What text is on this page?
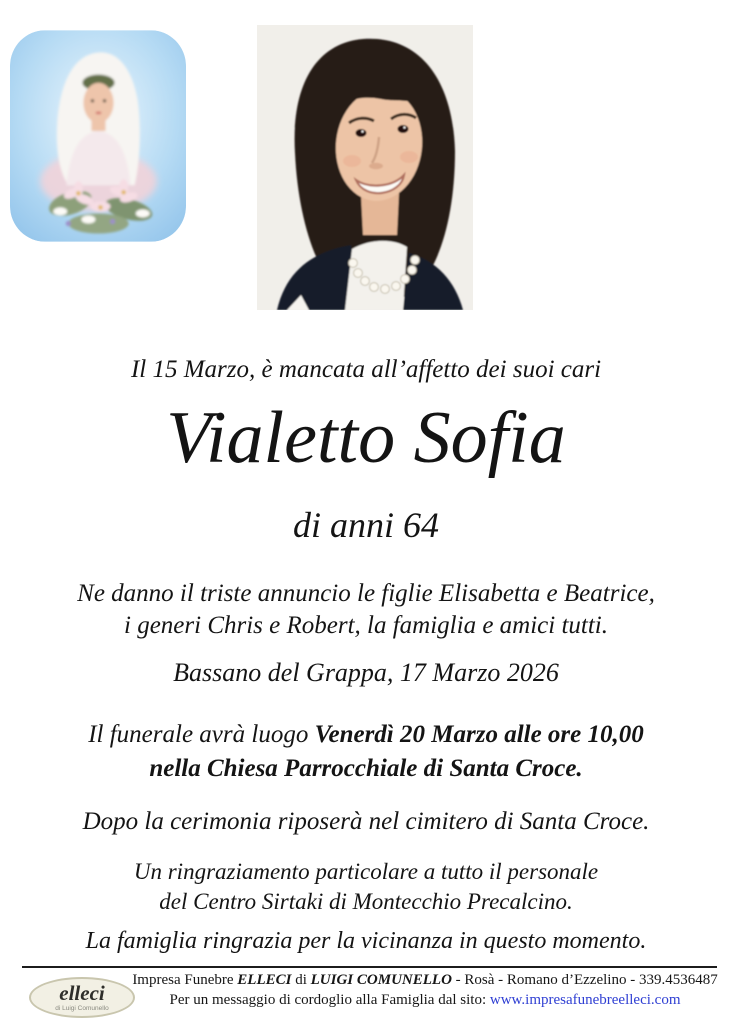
Il 15 Marzo, è mancata all’affetto dei suoi cari
Vialetto Sofia
di anni 64
Ne danno il triste annuncio le figlie Elisabetta e Beatrice,
i generi Chris e Robert, la famiglia e amici tutti.
Bassano del Grappa, 17 Marzo 2026
Il funerale avrà luogo Venerdì 20 Marzo alle ore 10,00
nella Chiesa Parrocchiale di Santa Croce.
Dopo la cerimonia riposerà nel cimitero di Santa Croce.
Un ringraziamento particolare a tutto il personale
del Centro Sirtaki di Montecchio Precalcino.
La famiglia ringrazia per la vicinanza in questo momento.
elleci
di Luigi Comunello
Impresa Funebre ELLECI di LUIGI COMUNELLO - Rosà - Romano d’Ezzelino - 339.4536487
Per un messaggio di cordoglio alla Famiglia dal sito: www.impresafunebreelleci.com
